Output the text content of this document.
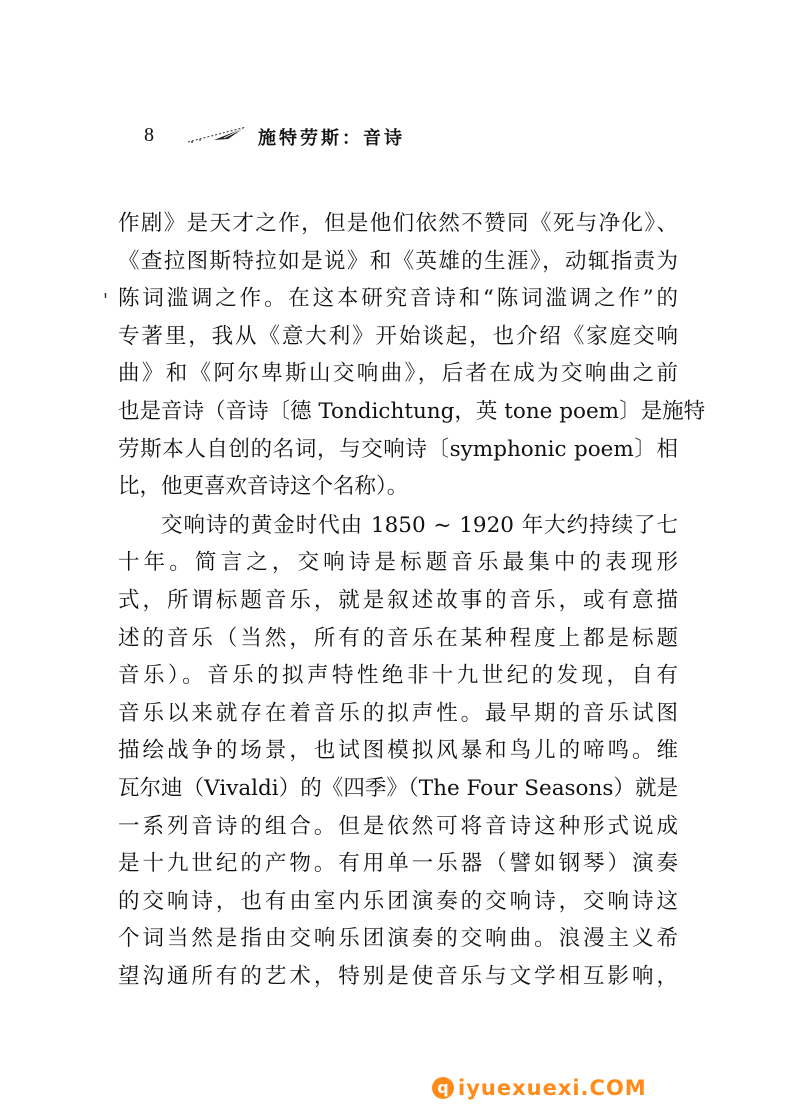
8	施特劳斯：音诗
'
作剧》是天才之作，但是他们依然不赞同《死与净化》、
《查拉图斯特拉如是说》和《英雄的生涯》，动辄指责为
陈词滥调之作。在这本研究音诗和“陈词滥调之作”的
专著里，我从《意大利》开始谈起，也介绍《家庭交响
曲》和《阿尔卑斯山交响曲》，后者在成为交响曲之前
也是音诗（音诗〔德 Tondichtung，英 tone poem〕是施特
劳斯本人自创的名词，与交响诗〔symphonic poem〕相
比，他更喜欢音诗这个名称）。
交响诗的黄金时代由 1850 ~ 1920 年大约持续了七
十年。简言之，交响诗是标题音乐最集中的表现形
式，所谓标题音乐，就是叙述故事的音乐，或有意描
述的音乐（当然，所有的音乐在某种程度上都是标题
音乐）。音乐的拟声特性绝非十九世纪的发现，自有
音乐以来就存在着音乐的拟声性。最早期的音乐试图
描绘战争的场景，也试图模拟风暴和鸟儿的啼鸣。维
瓦尔迪（Vivaldi）的《四季》（The Four Seasons）就是
一系列音诗的组合。但是依然可将音诗这种形式说成
是十九世纪的产物。有用单一乐器（譬如钢琴）演奏
的交响诗，也有由室内乐团演奏的交响诗，交响诗这
个词当然是指由交响乐团演奏的交响曲。浪漫主义希
望沟通所有的艺术，特别是使音乐与文学相互影响，
q iyuexuexi.COM
